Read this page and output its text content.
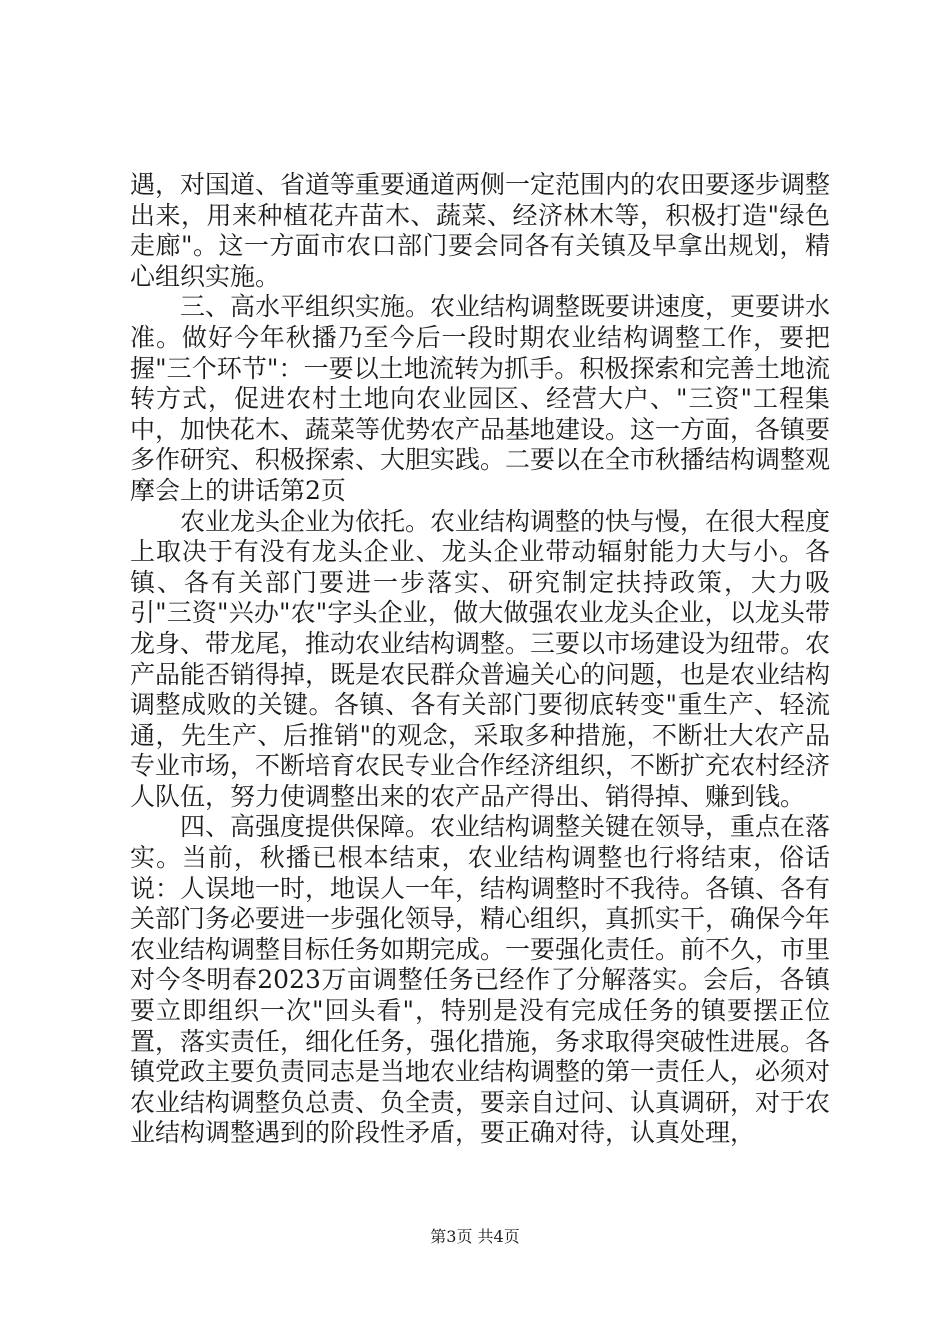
遇，对国道、省道等重要通道两侧一定范围内的农田要逐步调整出来，用来种植花卉苗木、蔬菜、经济林木等，积极打造"绿色走廊"。这一方面市农口部门要会同各有关镇及早拿出规划，精心组织实施。

三、高水平组织实施。农业结构调整既要讲速度，更要讲水准。做好今年秋播乃至今后一段时期农业结构调整工作，要把握"三个环节"：一要以土地流转为抓手。积极探索和完善土地流转方式，促进农村土地向农业园区、经营大户、"三资"工程集中，加快花木、蔬菜等优势农产品基地建设。这一方面，各镇要多作研究、积极探索、大胆实践。二要以在全市秋播结构调整观摩会上的讲话第2页

农业龙头企业为依托。农业结构调整的快与慢，在很大程度上取决于有没有龙头企业、龙头企业带动辐射能力大与小。各镇、各有关部门要进一步落实、研究制定扶持政策，大力吸引"三资"兴办"农"字头企业，做大做强农业龙头企业，以龙头带龙身、带龙尾，推动农业结构调整。三要以市场建设为纽带。农产品能否销得掉，既是农民群众普遍关心的问题，也是农业结构调整成败的关键。各镇、各有关部门要彻底转变"重生产、轻流通，先生产、后推销"的观念，采取多种措施，不断壮大农产品专业市场，不断培育农民专业合作经济组织，不断扩充农村经济人队伍，努力使调整出来的农产品产得出、销得掉、赚到钱。

四、高强度提供保障。农业结构调整关键在领导，重点在落实。当前，秋播已根本结束，农业结构调整也行将结束，俗话说：人误地一时，地误人一年，结构调整时不我待。各镇、各有关部门务必要进一步强化领导，精心组织，真抓实干，确保今年农业结构调整目标任务如期完成。一要强化责任。前不久，市里对今冬明春2023万亩调整任务已经作了分解落实。会后，各镇要立即组织一次"回头看"，特别是没有完成任务的镇要摆正位置，落实责任，细化任务，强化措施，务求取得突破性进展。各镇党政主要负责同志是当地农业结构调整的第一责任人，必须对农业结构调整负总责、负全责，要亲自过问、认真调研，对于农业结构调整遇到的阶段性矛盾，要正确对待，认真处理，

第3页 共4页
